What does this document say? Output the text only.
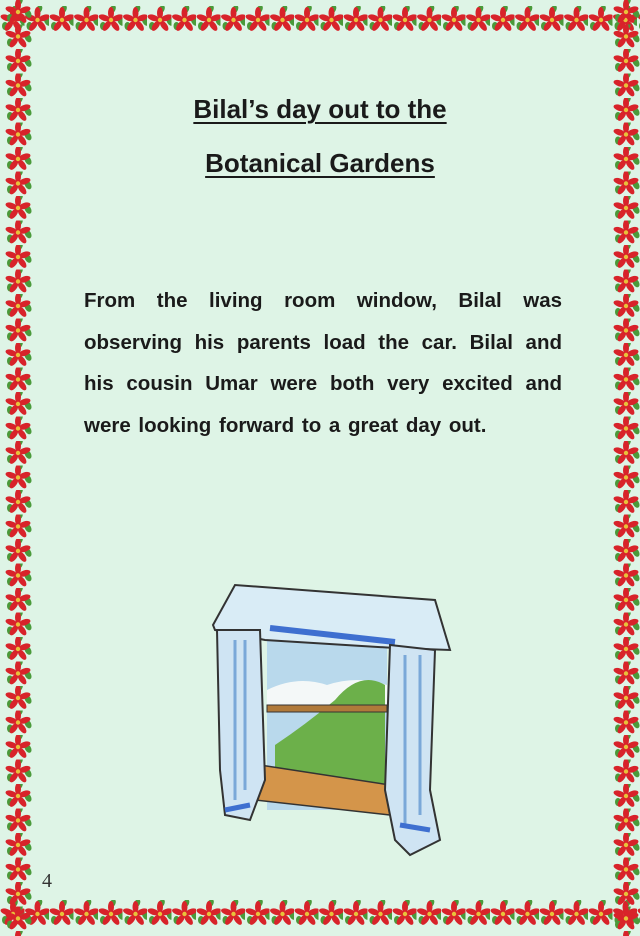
Bilal’s day out to the
Botanical Gardens
From the living room window, Bilal was observing his parents load the car. Bilal and his cousin Umar were both very excited and were looking forward to a great day out.
4
